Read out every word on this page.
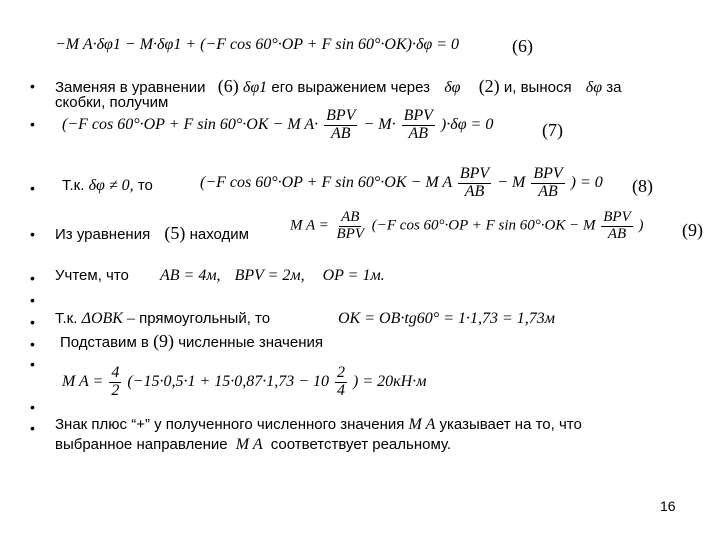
−M A·δφ1 − M·δφ1 + (−F cos 60°·OP + F sin 60°·OK)·δφ = 0	(6)
• Заменяя в уравнении (6) δφ1 его выражением через δφ (2) и, вынося δφ за
скобки, получим
• (−F cos 60°·OP + F sin 60°·OK − M $A\cdot \frac{\text{BPV}}{AB} - M\cdot \frac{\text{BPV}}{AB} )\cdot\delta\varphi = 0$	(7)
• Т.к. δφ ≠ 0, то	(−F cos 60°·OP + F sin 60°·OK − M A $\frac{\text{BPV}}{AB} - M \frac{\text{BPV}}{AB}$ ) = 0 (8)
• Из уравнения (5) находим
M $A = \frac{AB}{\text{BPV}} (-F$ cos 60°·OP + F sin 60°·OK − M $\frac{\text{BPV}}{AB}$ ) (9)
• Учтем, что AB = 4м, BPV = 2м, OP = 1м.
•
• Т.к. ΔOBK – прямоугольный, то	OK = OB·tg60° = 1·1,73 = 1,73м
• Подставим в (9) численные значения
•
M $A = \frac{4}{2} (-15\cdot 0,5\cdot 1 + 15\cdot 0,87\cdot 1,73 - 10 \frac{2}{4}$ ) = 20кН·м
•
• Знак плюс “+” у полученного численного значения M A указывает на то, что
выбранное направление M A соответствует реальному.
16
